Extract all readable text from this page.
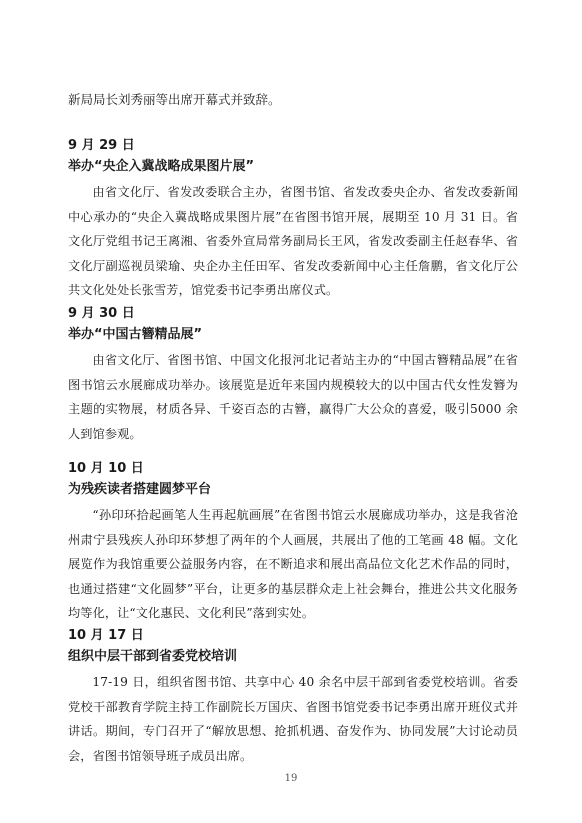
新局局长刘秀丽等出席开幕式并致辞。

9 月 29 日

举办“央企入冀战略成果图片展”

由省文化厅、省发改委联合主办，省图书馆、省发改委央企办、省发改委新闻中心承办的“央企入冀战略成果图片展”在省图书馆开展，展期至 10 月 31 日。省文化厅党组书记王离湘、省委外宣局常务副局长王风，省发改委副主任赵春华、省文化厅副巡视员梁瑜、央企办主任田军、省发改委新闻中心主任詹鹏，省文化厅公共文化处处长张雪芳，馆党委书记李勇出席仪式。

9 月 30 日

举办“中国古簪精品展”

由省文化厅、省图书馆、中国文化报河北记者站主办的“中国古簪精品展”在省图书馆云水展廊成功举办。该展览是近年来国内规模较大的以中国古代女性发簪为主题的实物展，材质各异、千姿百态的古簪，赢得广大公众的喜爱，吸引5000 余人到馆参观。

10 月 10 日

为残疾读者搭建圆梦平台

“孙印环拾起画笔人生再起航画展”在省图书馆云水展廊成功举办，这是我省沧州肃宁县残疾人孙印环梦想了两年的个人画展，共展出了他的工笔画 48 幅。文化展览作为我馆重要公益服务内容，在不断追求和展出高品位文化艺术作品的同时，也通过搭建“文化圆梦”平台，让更多的基层群众走上社会舞台，推进公共文化服务均等化，让“文化惠民、文化利民”落到实处。

10 月 17 日

组织中层干部到省委党校培训

17-19 日，组织省图书馆、共享中心 40 余名中层干部到省委党校培训。省委党校干部教育学院主持工作副院长万国庆、省图书馆党委书记李勇出席开班仪式并讲话。期间，专门召开了“解放思想、抢抓机遇、奋发作为、协同发展”大讨论动员会，省图书馆领导班子成员出席。

19
